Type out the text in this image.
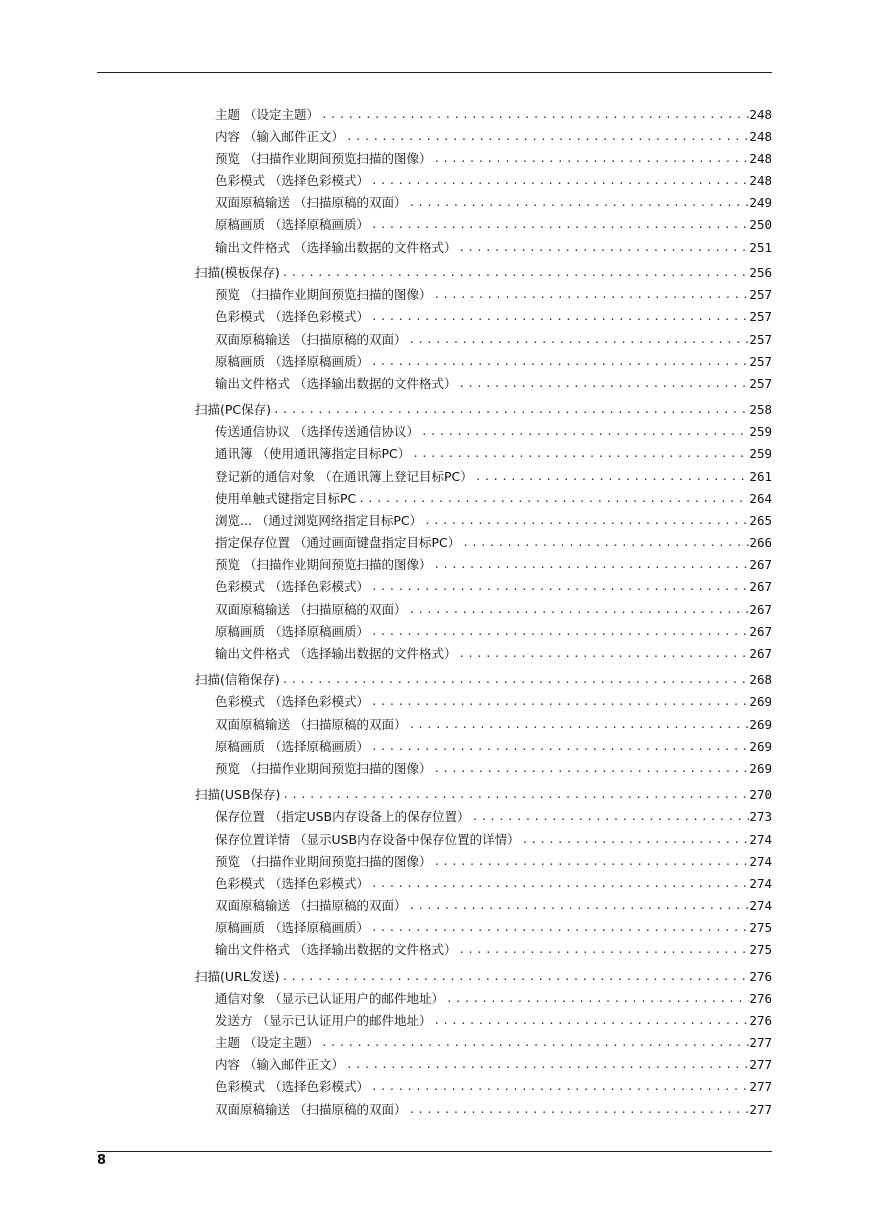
主题 （设定主题） .....	248
内容 （输入邮件正文） .....	248
预览 （扫描作业期间预览扫描的图像） .....	248
色彩模式 （选择色彩模式） .....	248
双面原稿输送 （扫描原稿的双面） .....	249
原稿画质 （选择原稿画质） .....	250
输出文件格式 （选择输出数据的文件格式） .....	251
扫描(模板保存) .....	256
预览 （扫描作业期间预览扫描的图像） .....	257
色彩模式 （选择色彩模式） .....	257
双面原稿输送 （扫描原稿的双面） .....	257
原稿画质 （选择原稿画质） .....	257
输出文件格式 （选择输出数据的文件格式） .....	257
扫描(PC保存) .....	258
传送通信协议 （选择传送通信协议） .....	259
通讯簿 （使用通讯簿指定目标PC） .....	259
登记新的通信对象 （在通讯簿上登记目标PC） .....	261
使用单触式键指定目标PC .....	264
浏览... （通过浏览网络指定目标PC） .....	265
指定保存位置 （通过画面键盘指定目标PC） .....	266
预览 （扫描作业期间预览扫描的图像） .....	267
色彩模式 （选择色彩模式） .....	267
双面原稿输送 （扫描原稿的双面） .....	267
原稿画质 （选择原稿画质） .....	267
输出文件格式 （选择输出数据的文件格式） .....	267
扫描(信箱保存) .....	268
色彩模式 （选择色彩模式） .....	269
双面原稿输送 （扫描原稿的双面） .....	269
原稿画质 （选择原稿画质） .....	269
预览 （扫描作业期间预览扫描的图像） .....	269
扫描(USB保存) .....	270
保存位置 （指定USB内存设备上的保存位置） .....	273
保存位置详情 （显示USB内存设备中保存位置的详情） .....	274
预览 （扫描作业期间预览扫描的图像） .....	274
色彩模式 （选择色彩模式） .....	274
双面原稿输送 （扫描原稿的双面） .....	274
原稿画质 （选择原稿画质） .....	275
输出文件格式 （选择输出数据的文件格式） .....	275
扫描(URL发送) .....	276
通信对象 （显示已认证用户的邮件地址） .....	276
发送方 （显示已认证用户的邮件地址） .....	276
主题 （设定主题） .....	277
内容 （输入邮件正文） .....	277
色彩模式 （选择色彩模式） .....	277
双面原稿输送 （扫描原稿的双面） .....	277
8
